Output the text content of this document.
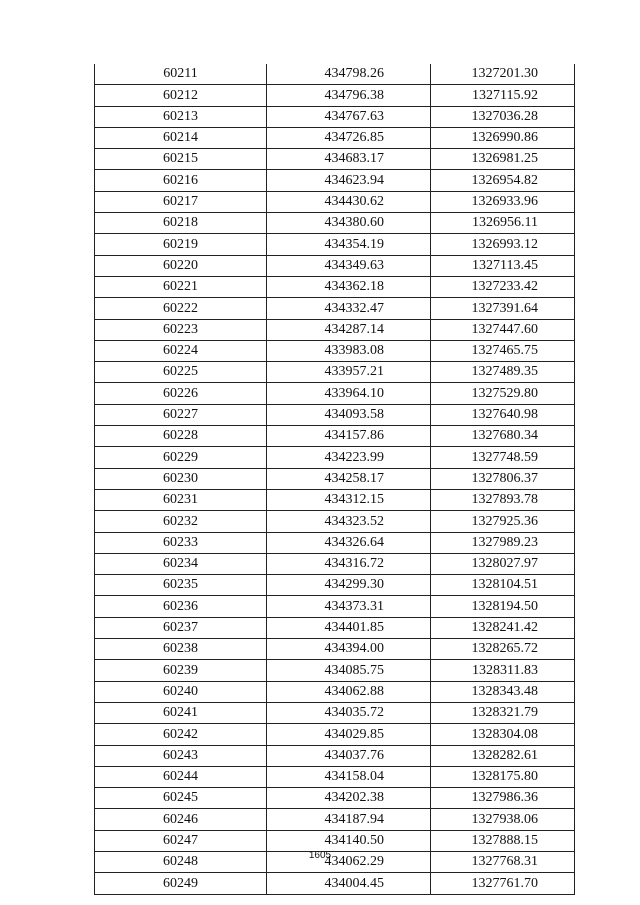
60211	434798.26	1327201.30
60212	434796.38	1327115.92
60213	434767.63	1327036.28
60214	434726.85	1326990.86
60215	434683.17	1326981.25
60216	434623.94	1326954.82
60217	434430.62	1326933.96
60218	434380.60	1326956.11
60219	434354.19	1326993.12
60220	434349.63	1327113.45
60221	434362.18	1327233.42
60222	434332.47	1327391.64
60223	434287.14	1327447.60
60224	433983.08	1327465.75
60225	433957.21	1327489.35
60226	433964.10	1327529.80
60227	434093.58	1327640.98
60228	434157.86	1327680.34
60229	434223.99	1327748.59
60230	434258.17	1327806.37
60231	434312.15	1327893.78
60232	434323.52	1327925.36
60233	434326.64	1327989.23
60234	434316.72	1328027.97
60235	434299.30	1328104.51
60236	434373.31	1328194.50
60237	434401.85	1328241.42
60238	434394.00	1328265.72
60239	434085.75	1328311.83
60240	434062.88	1328343.48
60241	434035.72	1328321.79
60242	434029.85	1328304.08
60243	434037.76	1328282.61
60244	434158.04	1328175.80
60245	434202.38	1327986.36
60246	434187.94	1327938.06
60247	434140.50	1327888.15
60248	434062.29	1327768.31
60249	434004.45	1327761.70
1605
